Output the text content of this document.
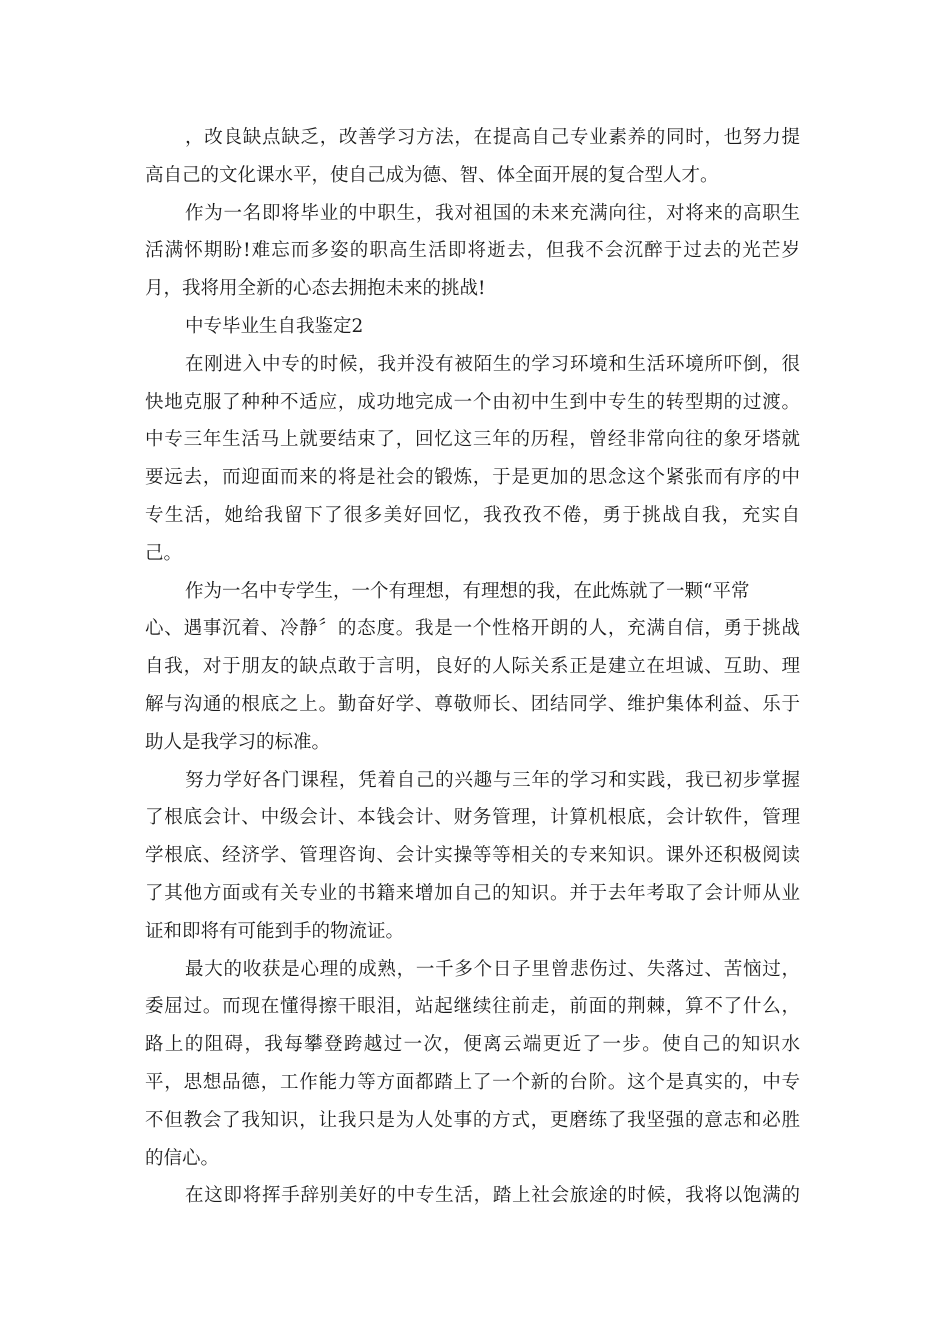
，改良缺点缺乏，改善学习方法，在提高自己专业素养的同时，也努力提
高自己的文化课水平，使自己成为德、智、体全面开展的复合型人才。
作为一名即将毕业的中职生，我对祖国的未来充满向往，对将来的高职生
活满怀期盼!难忘而多姿的职高生活即将逝去，但我不会沉醉于过去的光芒岁
月，我将用全新的心态去拥抱未来的挑战!
中专毕业生自我鉴定2
在刚进入中专的时候，我并没有被陌生的学习环境和生活环境所吓倒，很
快地克服了种种不适应，成功地完成一个由初中生到中专生的转型期的过渡。
中专三年生活马上就要结束了，回忆这三年的历程，曾经非常向往的象牙塔就
要远去，而迎面而来的将是社会的锻炼，于是更加的思念这个紧张而有序的中
专生活，她给我留下了很多美好回忆，我孜孜不倦，勇于挑战自我，充实自
己。
作为一名中专学生，一个有理想，有理想的我，在此炼就了一颗“平常
心、遇事沉着、冷静〞的态度。我是一个性格开朗的人，充满自信，勇于挑战
自我，对于朋友的缺点敢于言明，良好的人际关系正是建立在坦诚、互助、理
解与沟通的根底之上。勤奋好学、尊敬师长、团结同学、维护集体利益、乐于
助人是我学习的标准。
努力学好各门课程，凭着自己的兴趣与三年的学习和实践，我已初步掌握
了根底会计、中级会计、本钱会计、财务管理，计算机根底，会计软件，管理
学根底、经济学、管理咨询、会计实操等等相关的专来知识。课外还积极阅读
了其他方面或有关专业的书籍来增加自己的知识。并于去年考取了会计师从业
证和即将有可能到手的物流证。
最大的收获是心理的成熟，一千多个日子里曾悲伤过、失落过、苦恼过，
委屈过。而现在懂得擦干眼泪，站起继续往前走，前面的荆棘，算不了什么，
路上的阻碍，我每攀登跨越过一次，便离云端更近了一步。使自己的知识水
平，思想品德，工作能力等方面都踏上了一个新的台阶。这个是真实的，中专
不但教会了我知识，让我只是为人处事的方式，更磨练了我坚强的意志和必胜
的信心。
在这即将挥手辞别美好的中专生活，踏上社会旅途的时候，我将以饱满的
